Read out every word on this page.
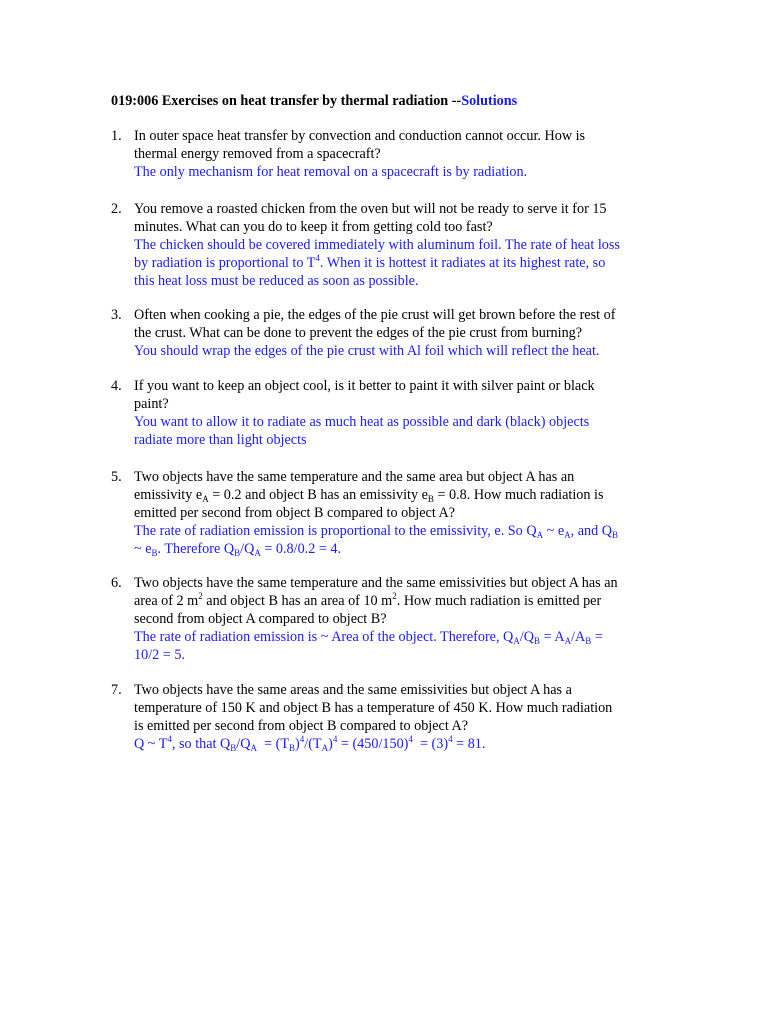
019:006 Exercises on heat transfer by thermal radiation --Solutions
1. In outer space heat transfer by convection and conduction cannot occur. How is
thermal energy removed from a spacecraft?
The only mechanism for heat removal on a spacecraft is by radiation.
2. You remove a roasted chicken from the oven but will not be ready to serve it for 15
minutes. What can you do to keep it from getting cold too fast?
The chicken should be covered immediately with aluminum foil. The rate of heat loss
by radiation is proportional to $T^4$. When it is hottest it radiates at its highest rate, so
this heat loss must be reduced as soon as possible.
3. Often when cooking a pie, the edges of the pie crust will get brown before the rest of
the crust. What can be done to prevent the edges of the pie crust from burning?
You should wrap the edges of the pie crust with Al foil which will reflect the heat.
4. If you want to keep an object cool, is it better to paint it with silver paint or black
paint?
You want to allow it to radiate as much heat as possible and dark (black) objects
radiate more than light objects
5. Two objects have the same temperature and the same area but object A has an
emissivity $e_A = 0.2$ and object B has an emissivity $e_B = 0.8$. How much radiation is
emitted per second from object B compared to object A?
The rate of radiation emission is proportional to the emissivity, e. So $Q_A$ ~ $e_A$, and $Q_B$
~ $e_B$. Therefore $Q_B/Q_A = 0.8/0.2 = 4$.
6. Two objects have the same temperature and the same emissivities but object A has an
area of 2 $m^2$ and object B has an area of 10 $m^2$. How much radiation is emitted per
second from object A compared to object B?
The rate of radiation emission is ~ Area of the object. Therefore, $Q_A/Q_B = A_A/A_B$ =
10/2 = 5.
7. Two objects have the same areas and the same emissivities but object A has a
temperature of 150 K and object B has a temperature of 450 K. How much radiation
is emitted per second from object B compared to object A?
Q ~ $T^4$, so that $Q_B/Q_A = (T_B)^4/(T_A)^4 = (450/150)^4 = (3)^4 = 81$.
